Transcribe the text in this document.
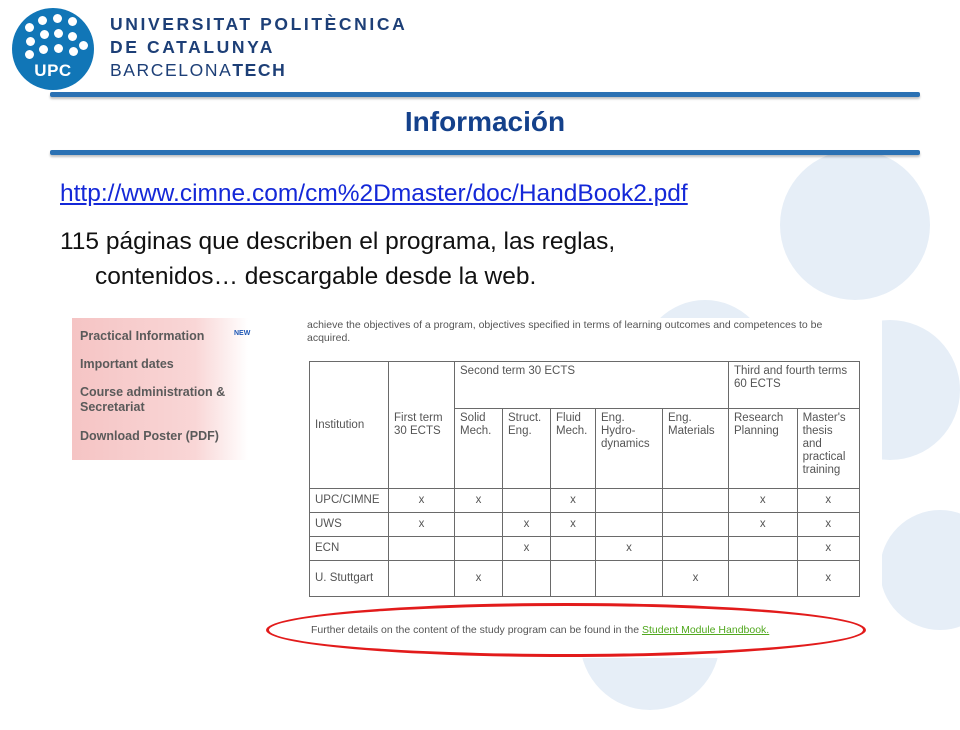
UPC
UNIVERSITAT POLITÈCNICA
DE CATALUNYA
BARCELONATECH
Información
http://www.cimne.com/cm%2Dmaster/doc/HandBook2.pdf
115 páginas que describen el programa, las reglas,
contenidos… descargable desde la web.
Practical Information	NEW
Important dates
Course administration &
Secretariat
Download Poster (PDF)
achieve the objectives of a program, objectives specified in terms of learning outcomes and competences to be acquired.
Institution	First term 30 ECTS	Second term 30 ECTS					Third and fourth terms 60 ECTS	
		Solid Mech.	Struct. Eng.	Fluid Mech.	Eng. Hydro-dynamics	Eng. Materials	Research Planning	Master's thesis and practical training
UPC/CIMNE	x	x		x			x	x
UWS	x		x	x			x	x
ECN			x		x			x
U. Stuttgart		x				x		x
Further details on the content of the study program can be found in the Student Module Handbook.
